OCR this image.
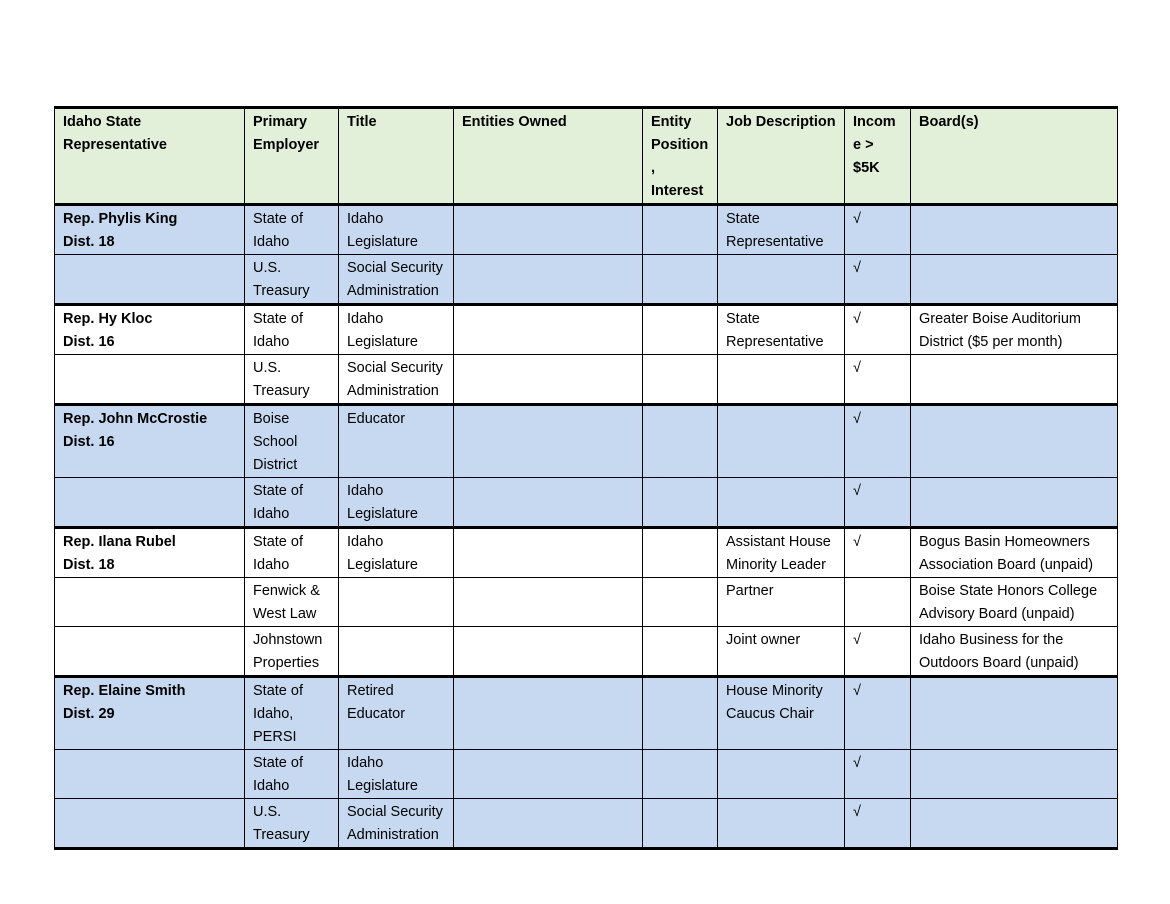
Idaho State Representative	Primary Employer	Title	Entities Owned	Entity Position, Interest	Job Description	Income > $5K	Board(s)

Rep. Phylis King
Dist. 18	State of Idaho	Idaho Legislature			State Representative	√	
	U.S. Treasury	Social Security Administration				√	

Rep. Hy Kloc
Dist. 16	State of Idaho	Idaho Legislature			State Representative	√	Greater Boise Auditorium District ($5 per month)
	U.S. Treasury	Social Security Administration				√	

Rep. John McCrostie
Dist. 16	Boise School District	Educator				√	
	State of Idaho	Idaho Legislature				√	

Rep. Ilana Rubel
Dist. 18	State of Idaho	Idaho Legislature			Assistant House Minority Leader	√	Bogus Basin Homeowners Association Board (unpaid)
	Fenwick & West Law				Partner		Boise State Honors College Advisory Board (unpaid)
	Johnstown Properties				Joint owner	√	Idaho Business for the Outdoors Board (unpaid)

Rep. Elaine Smith
Dist. 29	State of Idaho, PERSI	Retired Educator			House Minority Caucus Chair	√	
	State of Idaho	Idaho Legislature				√	
	U.S. Treasury	Social Security Administration				√	
